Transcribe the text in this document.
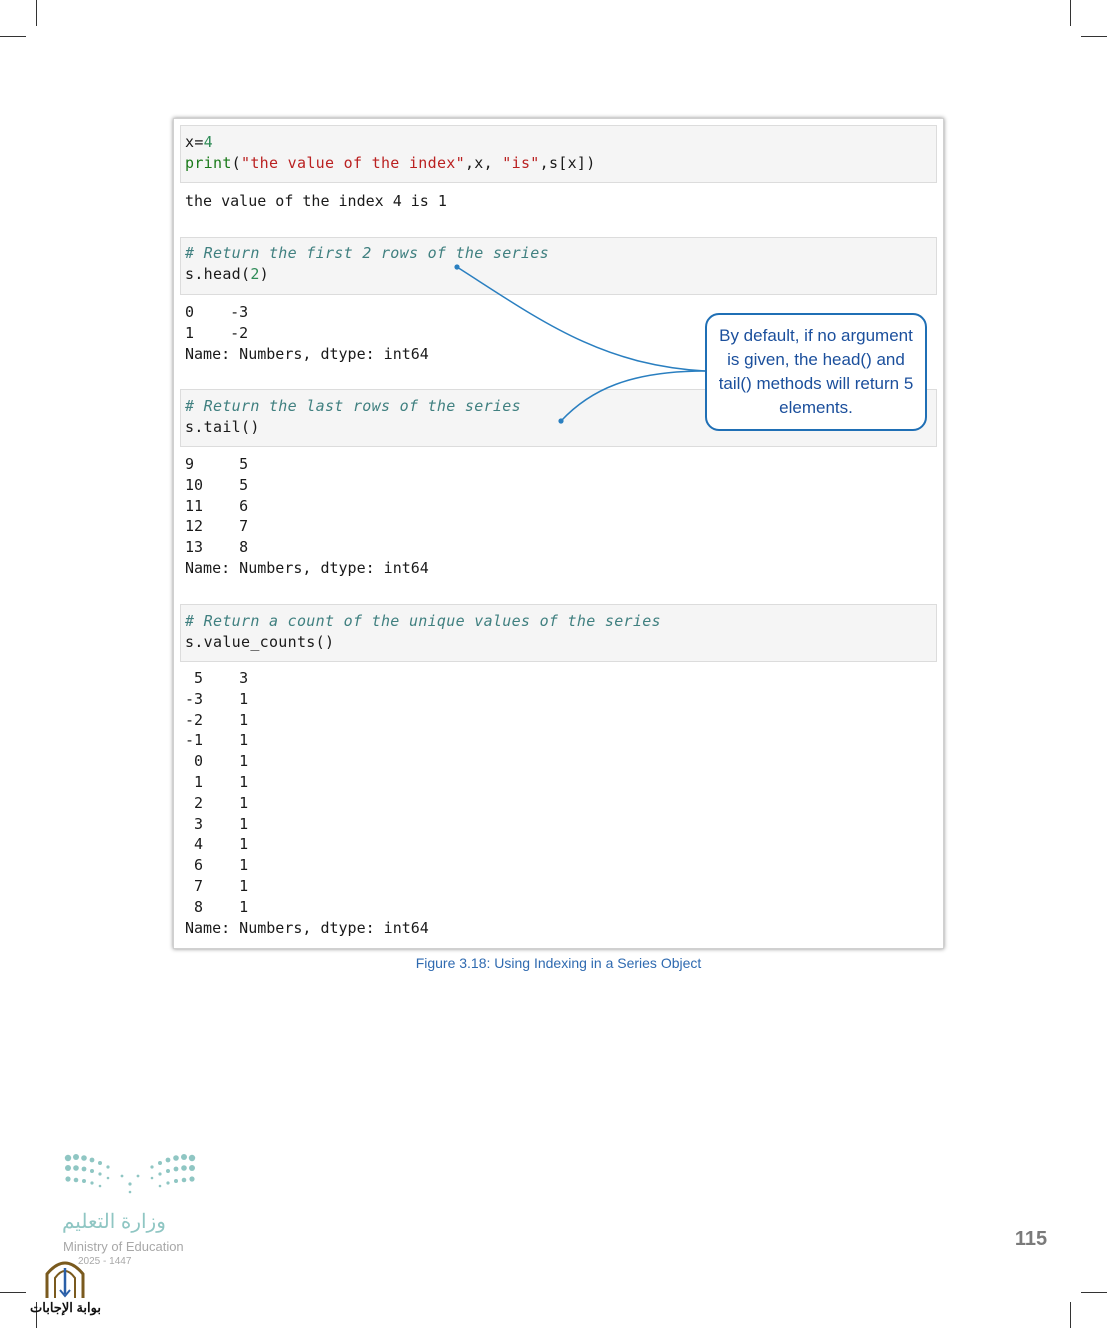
x=4
print("the value of the index",x, "is",s[x])
# Return the first 2 rows of the series
s.head(2)
# Return the last rows of the series
s.tail()
# Return a count of the unique values of the series
s.value_counts()
the value of the index 4 is 1
0    -3
1    -2
Name: Numbers, dtype: int64
9     5
10    5
11    6
12    7
13    8
Name: Numbers, dtype: int64
5    3
-3    1
-2    1
-1    1
0    1
1    1
2    1
3    1
4    1
6    1
7    1
8    1
Name: Numbers, dtype: int64
By default, if no argument is given, the head() and tail() methods will return 5 elements.
Figure 3.18: Using Indexing in a Series Object
وزارة التعليم
Ministry of Education
2025 - 1447
بوابة الإجابات
115
